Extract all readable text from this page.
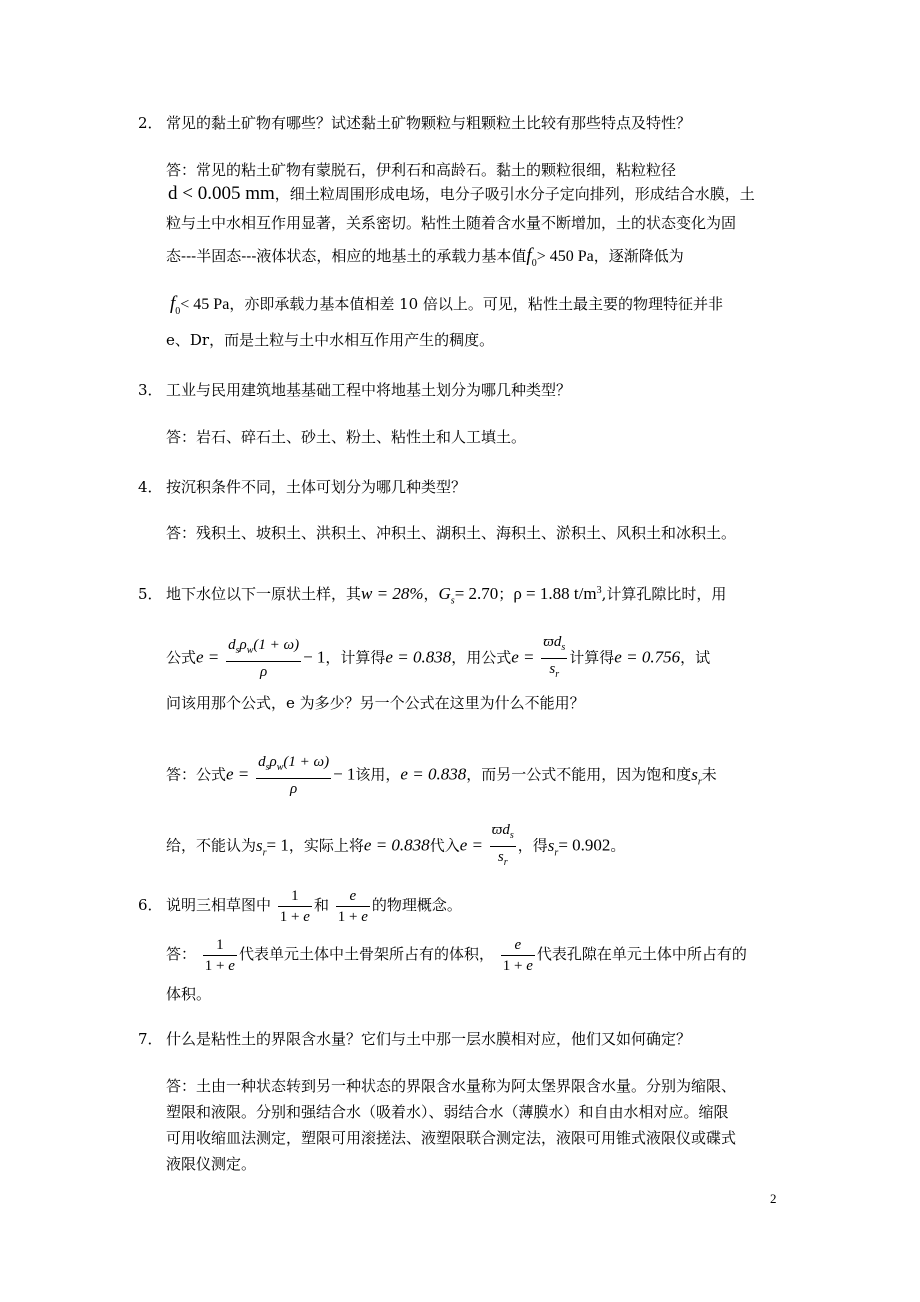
2． 常见的黏土矿物有哪些？试述黏土矿物颗粒与粗颗粒土比较有那些特点及特性？
答：常见的粘土矿物有蒙脱石，伊利石和高龄石。黏土的颗粒很细，粘粒粒径
d < 0.005 mm，细土粒周围形成电场，电分子吸引水分子定向排列，形成结合水膜，土
粒与土中水相互作用显著，关系密切。粘性土随着含水量不断增加，土的状态变化为固
态---半固态---液体状态，相应的地基土的承载力基本值$f_0> 450$ Pa，逐渐降低为
$f_0< 45$ Pa，亦即承载力基本值相差 10 倍以上。可见，粘性土最主要的物理特征并非
e、Dr，而是土粒与土中水相互作用产生的稠度。
3． 工业与民用建筑地基基础工程中将地基土划分为哪几种类型？
答：岩石、碎石土、砂土、粉土、粘性土和人工填土。
4． 按沉积条件不同，土体可划分为哪几种类型？
答：残积土、坡积土、洪积土、冲积土、湖积土、海积土、淤积土、风积土和冰积土。
5． 地下水位以下一原状土样，其w = 28%，$G_s= 2.70$；ρ = 1.88 $t/m^3$,计算孔隙比时，用
公式$e = \frac{d_s\rho_w(1 + \omega)}{\rho} - 1$，计算得e = 0.838，用公式$e = \frac{ϖd_s}{s_r}$ 计算得e = 0.756，试
问该用那个公式，e 为多少？另一个公式在这里为什么不能用？
答：公式$e = \frac{d_s\rho_w(1 + \omega)}{\rho} - 1$该用，e = 0.838，而另一公式不能用，因为饱和度$s_r$未
给，不能认为$s_r= 1$，实际上将e = 0.838代入$e = \frac{ϖd_s}{s_r}$ ，得$s_r= 0.902$。
6． 说明三相草图中 $\frac{1}{1 + e}$ 和 $\frac{e}{1 + e}$ 的物理概念。
答： $\frac{1}{1 + e}$ 代表单元土体中土骨架所占有的体积， $\frac{e}{1 + e}$ 代表孔隙在单元土体中所占有的
体积。
7． 什么是粘性土的界限含水量？它们与土中那一层水膜相对应，他们又如何确定？
答：土由一种状态转到另一种状态的界限含水量称为阿太堡界限含水量。分别为缩限、
塑限和液限。分别和强结合水（吸着水）、弱结合水（薄膜水）和自由水相对应。缩限
可用收缩皿法测定，塑限可用滚搓法、液塑限联合测定法，液限可用锥式液限仪或碟式
液限仪测定。
2
